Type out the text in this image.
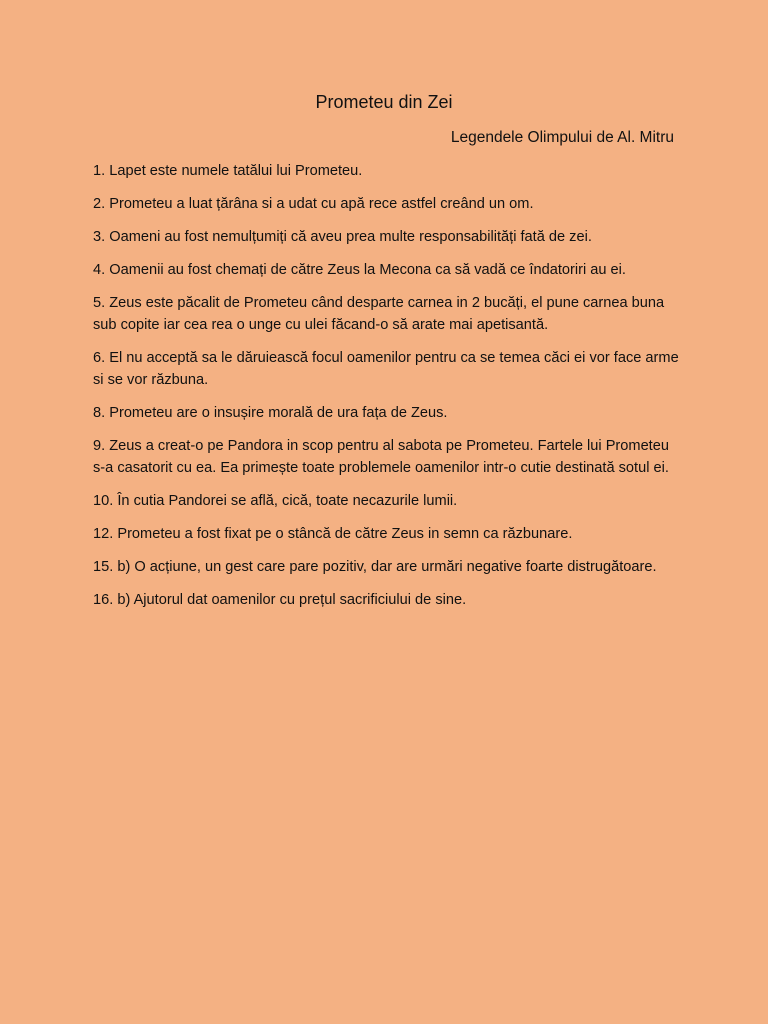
Prometeu din Zei

Legendele Olimpului de Al. Mitru

1. Lapet este numele tatălui lui Prometeu.
2. Prometeu a luat țărâna si a udat cu apă rece astfel creând un om.
3. Oameni au fost nemulțumiți că aveu prea multe responsabilități fată de zei.
4. Oamenii au fost chemați de către Zeus la Mecona ca să vadă ce îndatoriri au ei.
5. Zeus este păcalit de Prometeu când desparte carnea in 2 bucăți, el pune carnea buna sub copite iar cea rea o unge cu ulei făcand-o să arate mai apetisantă.
6. El nu acceptă sa le dăruiească focul oamenilor pentru ca se temea căci ei vor face arme si se vor răzbuna.
8. Prometeu are o insușire morală de ura fața de Zeus.
9. Zeus a creat-o pe Pandora in scop pentru al sabota pe Prometeu. Fartele lui Prometeu s-a casatorit cu ea. Ea primește toate problemele oamenilor intr-o cutie destinată sotul ei.
10. În cutia Pandorei se află, cică, toate necazurile lumii.
12. Prometeu a fost fixat pe o stâncă de către Zeus in semn ca răzbunare.
15. b) O acțiune, un gest care pare pozitiv, dar are urmări negative foarte distrugătoare.
16. b) Ajutorul dat oamenilor cu prețul sacrificiului de sine.
